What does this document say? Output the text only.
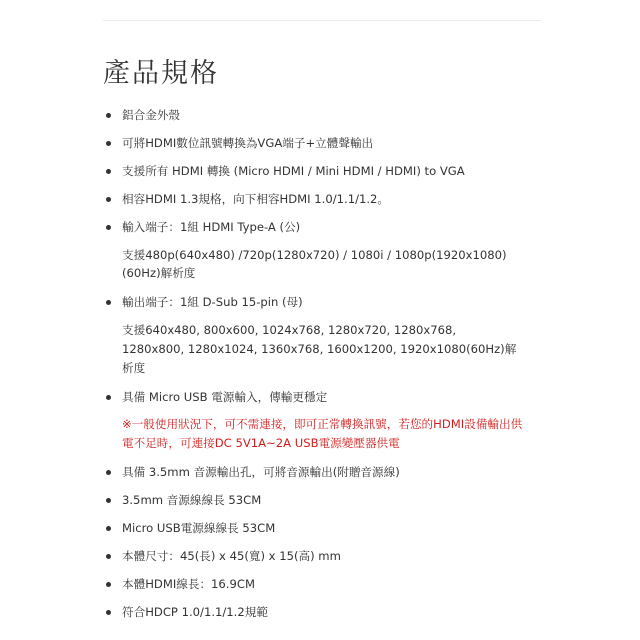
產品規格
鋁合金外殼
可將HDMI數位訊號轉換為VGA端子+立體聲輸出
支援所有 HDMI 轉換 (Micro HDMI / Mini HDMI / HDMI) to VGA
相容HDMI 1.3規格，向下相容HDMI 1.0/1.1/1.2。
輸入端子：1組 HDMI Type-A (公)
支援480p(640x480) /720p(1280x720) / 1080i / 1080p(1920x1080)
(60Hz)解析度
輸出端子：1組 D-Sub 15-pin (母)
支援640x480, 800x600, 1024x768, 1280x720, 1280x768,
1280x800, 1280x1024, 1360x768, 1600x1200, 1920x1080(60Hz)解
析度
具備 Micro USB 電源輸入，傳輸更穩定
※一般使用狀況下，可不需連接，即可正常轉換訊號，若您的HDMI設備輸出供
電不足時，可連接DC 5V1A~2A USB電源變壓器供電
具備 3.5mm 音源輸出孔，可將音源輸出(附贈音源線)
3.5mm 音源線線長 53CM
Micro USB電源線線長 53CM
本體尺寸：45(長) x 45(寬) x 15(高) mm
本體HDMI線長：16.9CM
符合HDCP 1.0/1.1/1.2規範
